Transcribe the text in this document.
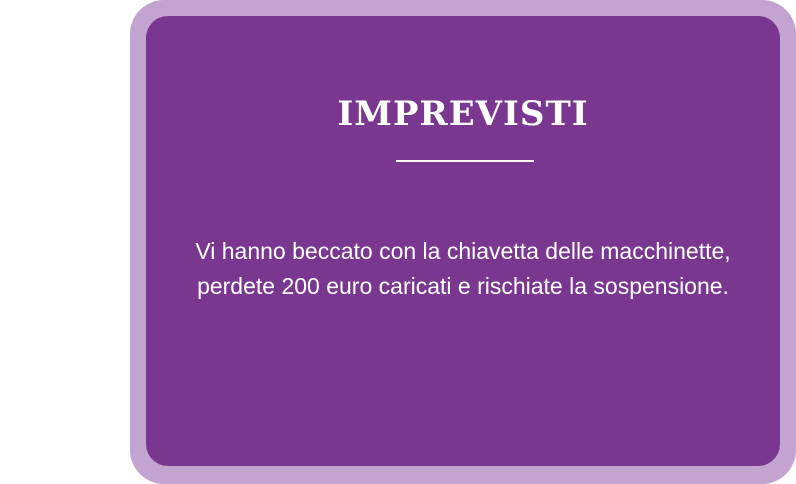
IMPREVISTI
Vi hanno beccato con la chiavetta delle macchinette, perdete 200 euro caricati e rischiate la sospensione.
